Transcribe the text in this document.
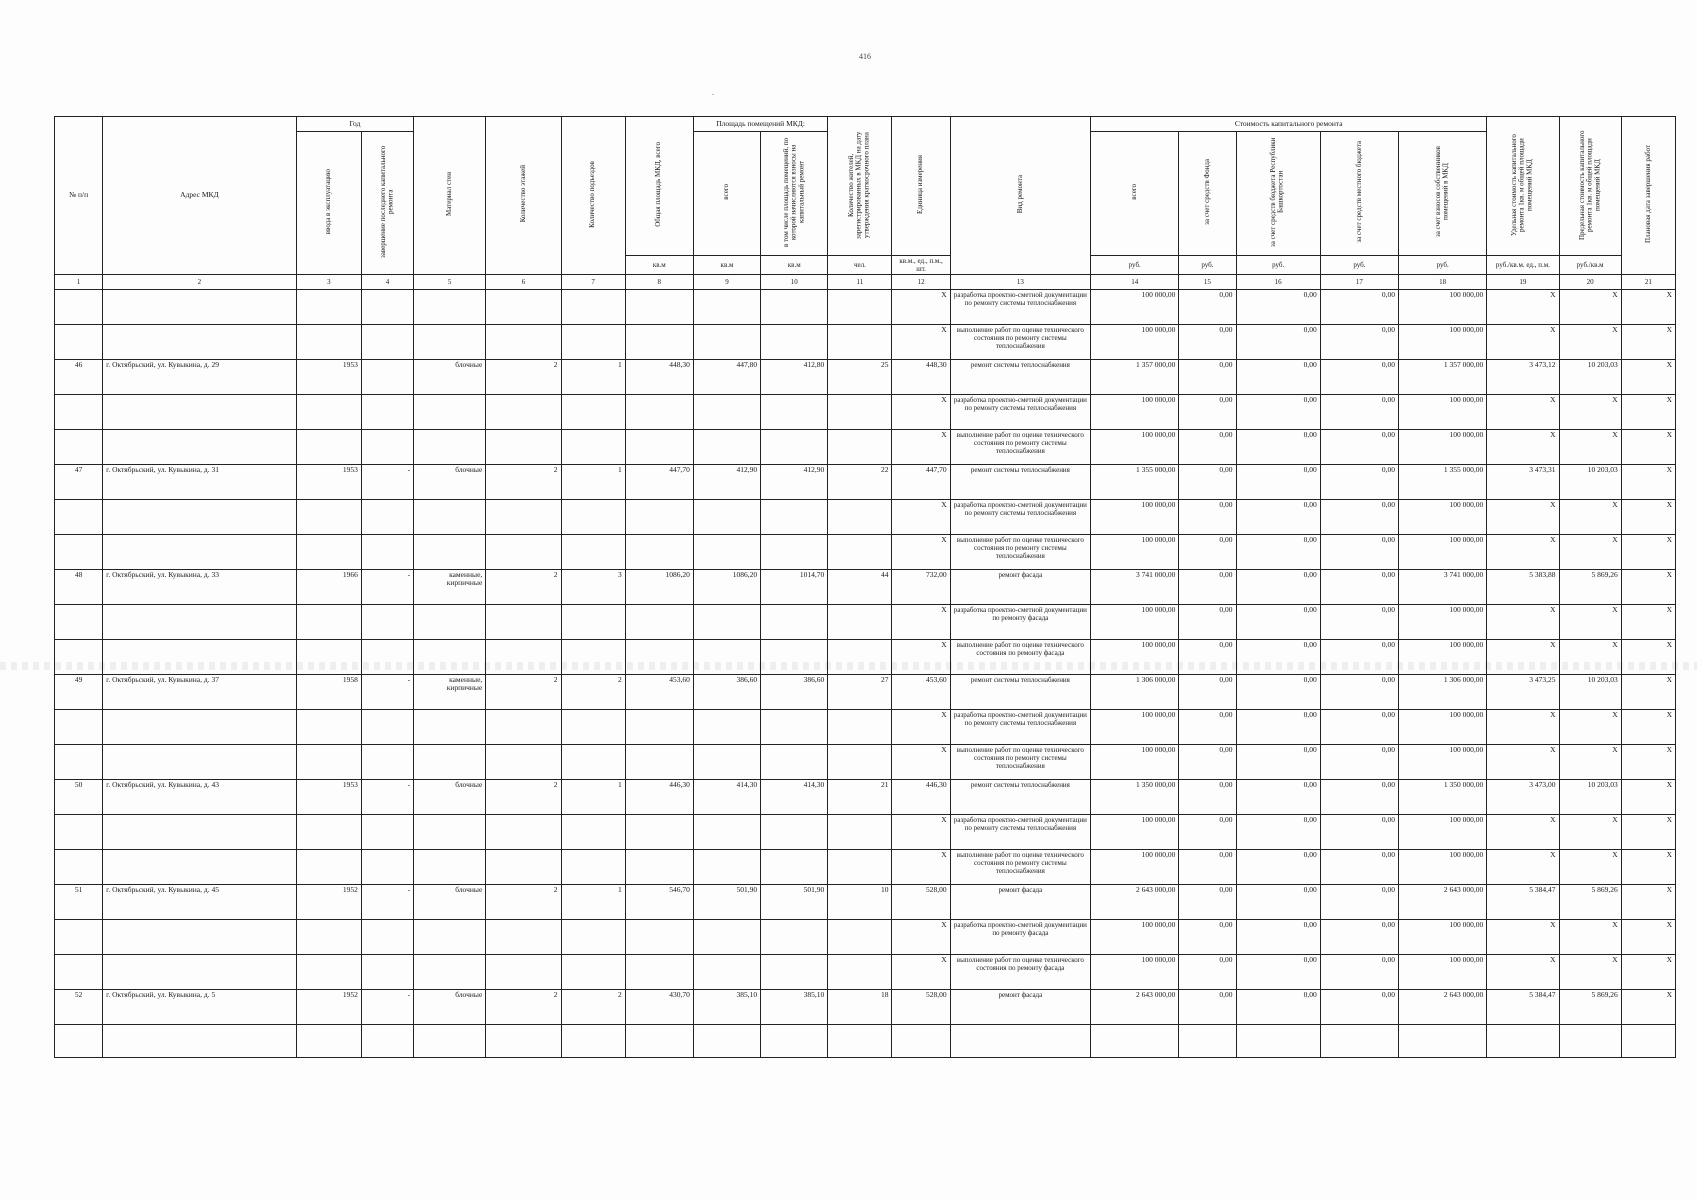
416
.
№ п/п	Адрес МКД	Год		Материал стен	Количество этажей	Количество подъездов	Общая площадь МКД, всего	Площадь помещений МКД:		Количество жителей, зарегистрированных в МКД на дату утверждения краткосрочного плана	Единица измерения	Вид ремонта	Стоимость капитального ремонта					Удельная стоимость капитального ремонта 1кв. м общей площади помещений МКД	Предельная стоимость капитального ремонта 1кв. м общей площади помещений МКД	Плановая дата завершения работ
		ввода в эксплуатацию	завершение последнего капитального ремонта					всего	в том числе площадь помещений, по которой начисляются взносы на капитальный ремонт				всего	за счет средств Фонда	за счет средств бюджета Республики Башкортостан	за счет средств местного бюджета	за счет взносов собственников помещений в МКД			
							кв.м	кв.м	кв.м	чел.	кв.м., ед., п.м., шт.		руб.	руб.	руб.	руб.	руб.	руб./кв.м. ед., п.м.	руб./кв.м	
1	2	3	4	5	6	7	8	9	10	11	12	13	14	15	16	17	18	19	20	21
											X	разработка проектно-сметной документации по ремонту системы теплоснабжения	100 000,00	0,00	0,00	0,00	100 000,00	X	X	X
											X	выполнение работ по оценке технического состояния по ремонту системы теплоснабжения	100 000,00	0,00	0,00	0,00	100 000,00	X	X	X
46	г. Октябрьский, ул. Кувыкина, д. 29	1953		блочные	2	1	448,30	447,80	412,80	25	448,30	ремонт системы теплоснабжения	1 357 000,00	0,00	0,00	0,00	1 357 000,00	3 473,12	10 203,03	X
											X	разработка проектно-сметной документации по ремонту системы теплоснабжения	100 000,00	0,00	0,00	0,00	100 000,00	X	X	X
											X	выполнение работ по оценке технического состояния по ремонту системы теплоснабжения	100 000,00	0,00	0,00	0,00	100 000,00	X	X	X
47	г. Октябрьский, ул. Кувыкина, д. 31	1953	-	блочные	2	1	447,70	412,90	412,90	22	447,70	ремонт системы теплоснабжения	1 355 000,00	0,00	0,00	0,00	1 355 000,00	3 473,31	10 203,03	X
											X	разработка проектно-сметной документации по ремонту системы теплоснабжения	100 000,00	0,00	0,00	0,00	100 000,00	X	X	X
											X	выполнение работ по оценке технического состояния по ремонту системы теплоснабжения	100 000,00	0,00	0,00	0,00	100 000,00	X	X	X
48	г. Октябрьский, ул. Кувыкина, д. 33	1966	-	каменные, кирпичные	2	3	1086,20	1086,20	1014,70	44	732,00	ремонт фасада	3 741 000,00	0,00	0,00	0,00	3 741 000,00	5 383,88	5 869,26	X
											X	разработка проектно-сметной документации по ремонту фасада	100 000,00	0,00	0,00	0,00	100 000,00	X	X	X
											X	выполнение работ по оценке технического состояния по ремонту фасада	100 000,00	0,00	0,00	0,00	100 000,00	X	X	X
49	г. Октябрьский, ул. Кувыкина, д. 37	1958	-	каменные, кирпичные	2	2	453,60	386,60	386,60	27	453,60	ремонт системы теплоснабжения	1 306 000,00	0,00	0,00	0,00	1 306 000,00	3 473,25	10 203,03	X
											X	разработка проектно-сметной документации по ремонту системы теплоснабжения	100 000,00	0,00	0,00	0,00	100 000,00	X	X	X
											X	выполнение работ по оценке технического состояния по ремонту системы теплоснабжения	100 000,00	0,00	0,00	0,00	100 000,00	X	X	X
50	г. Октябрьский, ул. Кувыкина, д. 43	1953	-	блочные	2	1	446,30	414,30	414,30	21	446,30	ремонт системы теплоснабжения	1 350 000,00	0,00	0,00	0,00	1 350 000,00	3 473,00	10 203,03	X
											X	разработка проектно-сметной документации по ремонту системы теплоснабжения	100 000,00	0,00	0,00	0,00	100 000,00	X	X	X
											X	выполнение работ по оценке технического состояния по ремонту системы теплоснабжения	100 000,00	0,00	0,00	0,00	100 000,00	X	X	X
51	г. Октябрьский, ул. Кувыкина, д. 45	1952	-	блочные	2	1	546,70	501,90	501,90	10	528,00	ремонт фасада	2 643 000,00	0,00	0,00	0,00	2 643 000,00	5 384,47	5 869,26	X
											X	разработка проектно-сметной документации по ремонту фасада	100 000,00	0,00	0,00	0,00	100 000,00	X	X	X
											X	выполнение работ по оценке технического состояния по ремонту фасада	100 000,00	0,00	0,00	0,00	100 000,00	X	X	X
52	г. Октябрьский, ул. Кувыкина, д. 5	1952	-	блочные	2	2	430,70	385,10	385,10	18	528,00	ремонт фасада	2 643 000,00	0,00	0,00	0,00	2 643 000,00	5 384,47	5 869,26	X
